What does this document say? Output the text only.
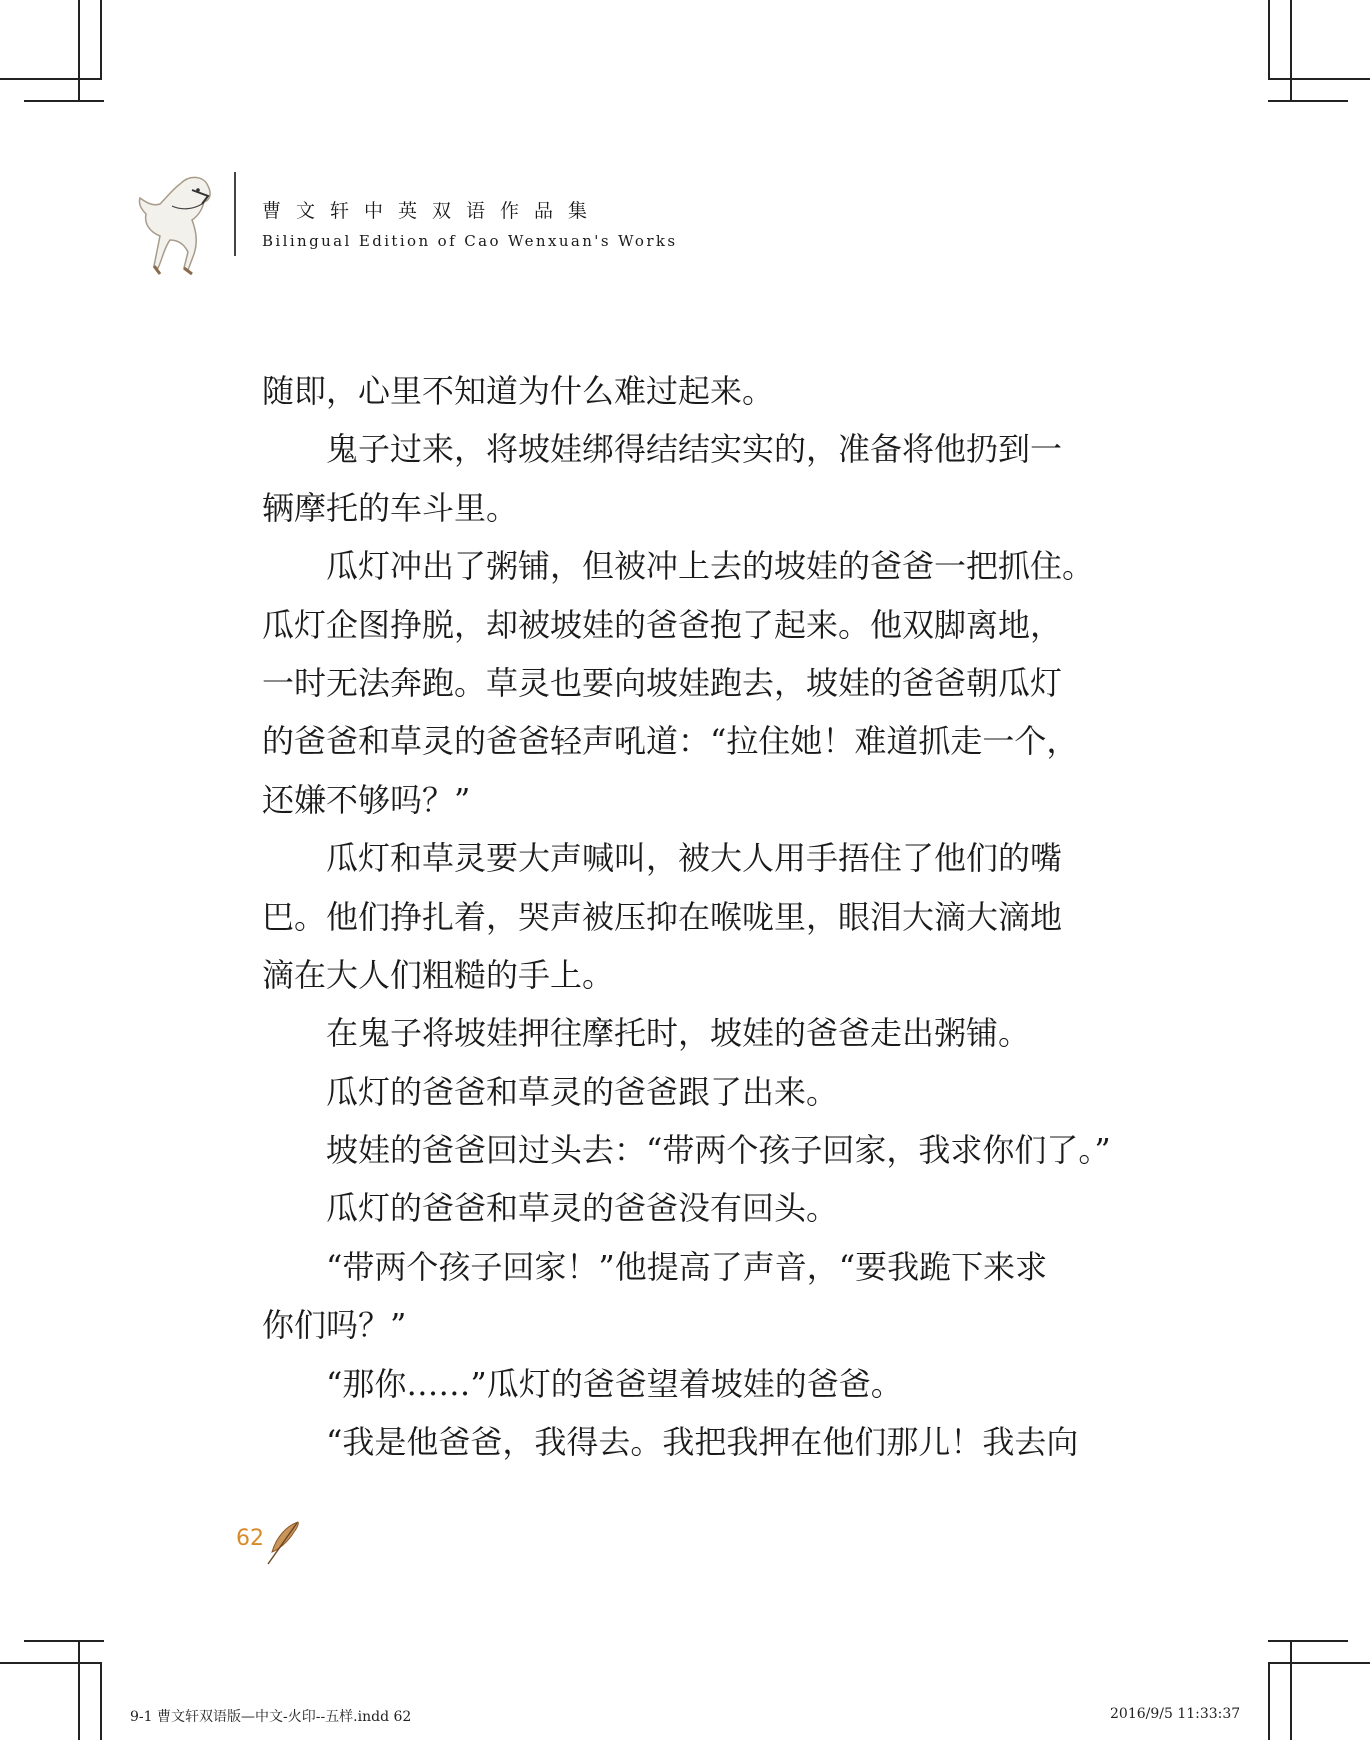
曹文轩中英双语作品集
Bilingual Edition of Cao Wenxuan's Works
随即，心里不知道为什么难过起来。
鬼子过来，将坡娃绑得结结实实的，准备将他扔到一
辆摩托的车斗里。
瓜灯冲出了粥铺，但被冲上去的坡娃的爸爸一把抓住。
瓜灯企图挣脱，却被坡娃的爸爸抱了起来。他双脚离地，
一时无法奔跑。草灵也要向坡娃跑去，坡娃的爸爸朝瓜灯
的爸爸和草灵的爸爸轻声吼道：“拉住她！难道抓走一个，
还嫌不够吗？”
瓜灯和草灵要大声喊叫，被大人用手捂住了他们的嘴
巴。他们挣扎着，哭声被压抑在喉咙里，眼泪大滴大滴地
滴在大人们粗糙的手上。
在鬼子将坡娃押往摩托时，坡娃的爸爸走出粥铺。
瓜灯的爸爸和草灵的爸爸跟了出来。
坡娃的爸爸回过头去：“带两个孩子回家，我求你们了。”
瓜灯的爸爸和草灵的爸爸没有回头。
“带两个孩子回家！”他提高了声音，“要我跪下来求
你们吗？”
“那你……”瓜灯的爸爸望着坡娃的爸爸。
“我是他爸爸，我得去。我把我押在他们那儿！我去向
62
9-1 曹文轩双语版—中文-火印--五样.indd 62	2016/9/5 11:33:37
